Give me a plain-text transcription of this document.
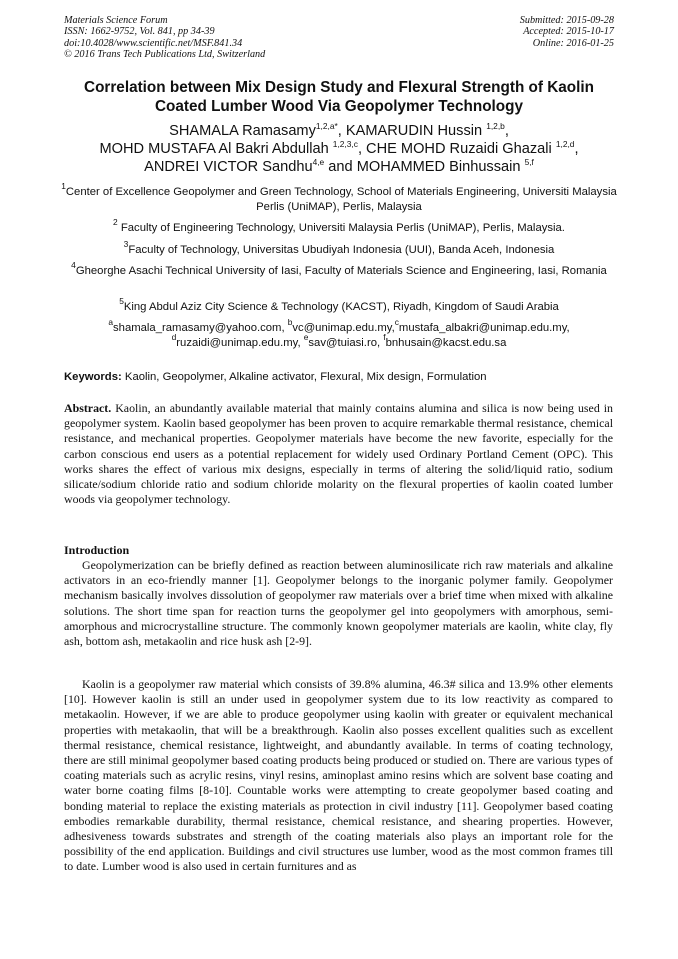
Materials Science Forum
ISSN: 1662-9752, Vol. 841, pp 34-39
doi:10.4028/www.scientific.net/MSF.841.34
© 2016 Trans Tech Publications Ltd, Switzerland
Submitted: 2015-09-28
Accepted: 2015-10-17
Online: 2016-01-25
Correlation between Mix Design Study and Flexural Strength of Kaolin
Coated Lumber Wood Via Geopolymer Technology
SHAMALA Ramasamy$^{1,2,a*}$, KAMARUDIN Hussin $^{1,2,b}$,
MOHD MUSTAFA Al Bakri Abdullah $^{1,2,3,c}$, CHE MOHD Ruzaidi Ghazali $^{1,2,d}$,
ANDREI VICTOR Sandhu$^{4,e}$ and MOHAMMED Binhussain $^{5,f}$
$^1$Center of Excellence Geopolymer and Green Technology, School of Materials Engineering, Universiti Malaysia Perlis (UniMAP), Perlis, Malaysia
$^2$ Faculty of Engineering Technology, Universiti Malaysia Perlis (UniMAP), Perlis, Malaysia.
$^3$Faculty of Technology, Universitas Ubudiyah Indonesia (UUI), Banda Aceh, Indonesia
$^4$Gheorghe Asachi Technical University of Iasi, Faculty of Materials Science and Engineering, Iasi, Romania
$^5$King Abdul Aziz City Science & Technology (KACST), Riyadh, Kingdom of Saudi Arabia
$^a$shamala_ramasamy@yahoo.com, $^b$vc@unimap.edu.my,$^c$mustafa_albakri@unimap.edu.my,
$^d$ruzaidi@unimap.edu.my, $^e$sav@tuiasi.ro, $^f$bnhusain@kacst.edu.sa
Keywords: Kaolin, Geopolymer, Alkaline activator, Flexural, Mix design, Formulation
Abstract. Kaolin, an abundantly available material that mainly contains alumina and silica is now being used in geopolymer system. Kaolin based geopolymer has been proven to acquire remarkable thermal resistance, chemical resistance, and mechanical properties. Geopolymer materials have become the new favorite, especially for the carbon conscious end users as a potential replacement for widely used Ordinary Portland Cement (OPC). This works shares the effect of various mix designs, especially in terms of altering the solid/liquid ratio, sodium silicate/sodium chloride ratio and sodium chloride molarity on the flexural properties of kaolin coated lumber woods via geopolymer technology.
Introduction
Geopolymerization can be briefly defined as reaction between aluminosilicate rich raw materials and alkaline activators in an eco-friendly manner [1]. Geopolymer belongs to the inorganic polymer family. Geopolymer mechanism basically involves dissolution of geopolymer raw materials over a brief time when mixed with alkaline solutions. The short time span for reaction turns the geopolymer gel into geopolymers with amorphous, semi-amorphous and microcrystalline structure. The commonly known geopolymer materials are kaolin, white clay, fly ash, bottom ash, metakaolin and rice husk ash [2-9].
Kaolin is a geopolymer raw material which consists of 39.8% alumina, 46.3# silica and 13.9% other elements [10]. However kaolin is still an under used in geopolymer system due to its low reactivity as compared to metakaolin. However, if we are able to produce geopolymer using kaolin with greater or equivalent mechanical properties with metakaolin, that will be a breakthrough. Kaolin also posses excellent qualities such as excellent thermal resistance, chemical resistance, lightweight, and abundantly available. In terms of coating technology, there are still minimal geopolymer based coating products being produced or studied on. There are various types of coating materials such as acrylic resins, vinyl resins, aminoplast amino resins which are solvent base coating and water borne coating films [8-10]. Countable works were attempting to create geopolymer based coating and bonding material to replace the existing materials as protection in civil industry [11]. Geopolymer based coating embodies remarkable durability, thermal resistance, chemical resistance, and shearing properties. However, adhesiveness towards substrates and strength of the coating materials also plays an important role for the possibility of the end application. Buildings and civil structures use lumber, wood as the most common frames till to date. Lumber wood is also used in certain furnitures and as
